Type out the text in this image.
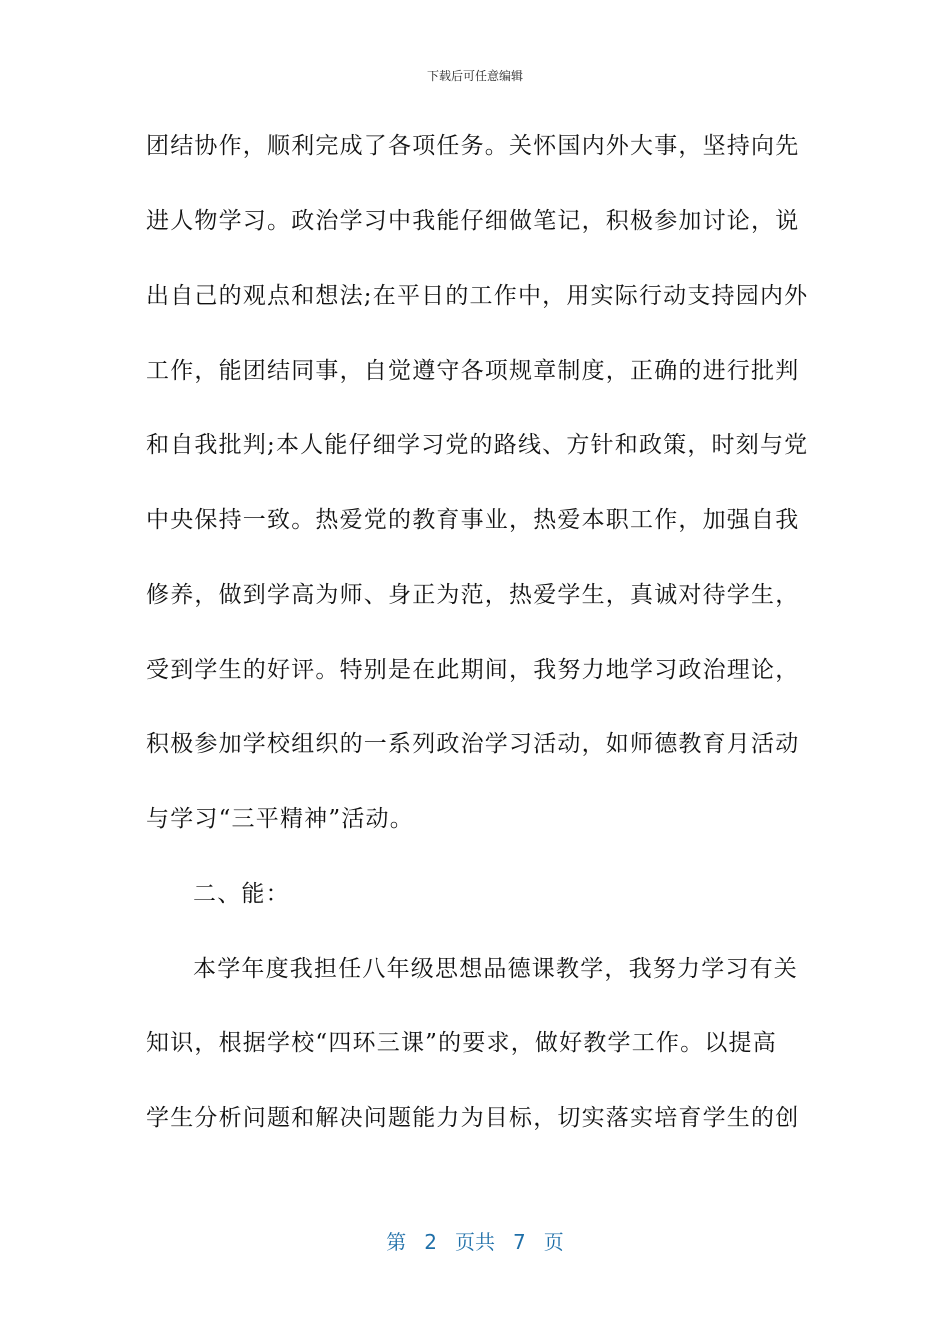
下载后可任意编辑
团结协作，顺利完成了各项任务。关怀国内外大事，坚持向先
进人物学习。政治学习中我能仔细做笔记，积极参加讨论，说
出自己的观点和想法;在平日的工作中，用实际行动支持园内外
工作，能团结同事，自觉遵守各项规章制度，正确的进行批判
和自我批判;本人能仔细学习党的路线、方针和政策，时刻与党
中央保持一致。热爱党的教育事业，热爱本职工作，加强自我
修养，做到学高为师、身正为范，热爱学生，真诚对待学生，
受到学生的好评。特别是在此期间，我努力地学习政治理论，
积极参加学校组织的一系列政治学习活动，如师德教育月活动
与学习“三平精神”活动。
二、能：
本学年度我担任八年级思想品德课教学，我努力学习有关
知识，根据学校“四环三课”的要求，做好教学工作。以提高
学生分析问题和解决问题能力为目标，切实落实培育学生的创
第 2 页共 7 页
